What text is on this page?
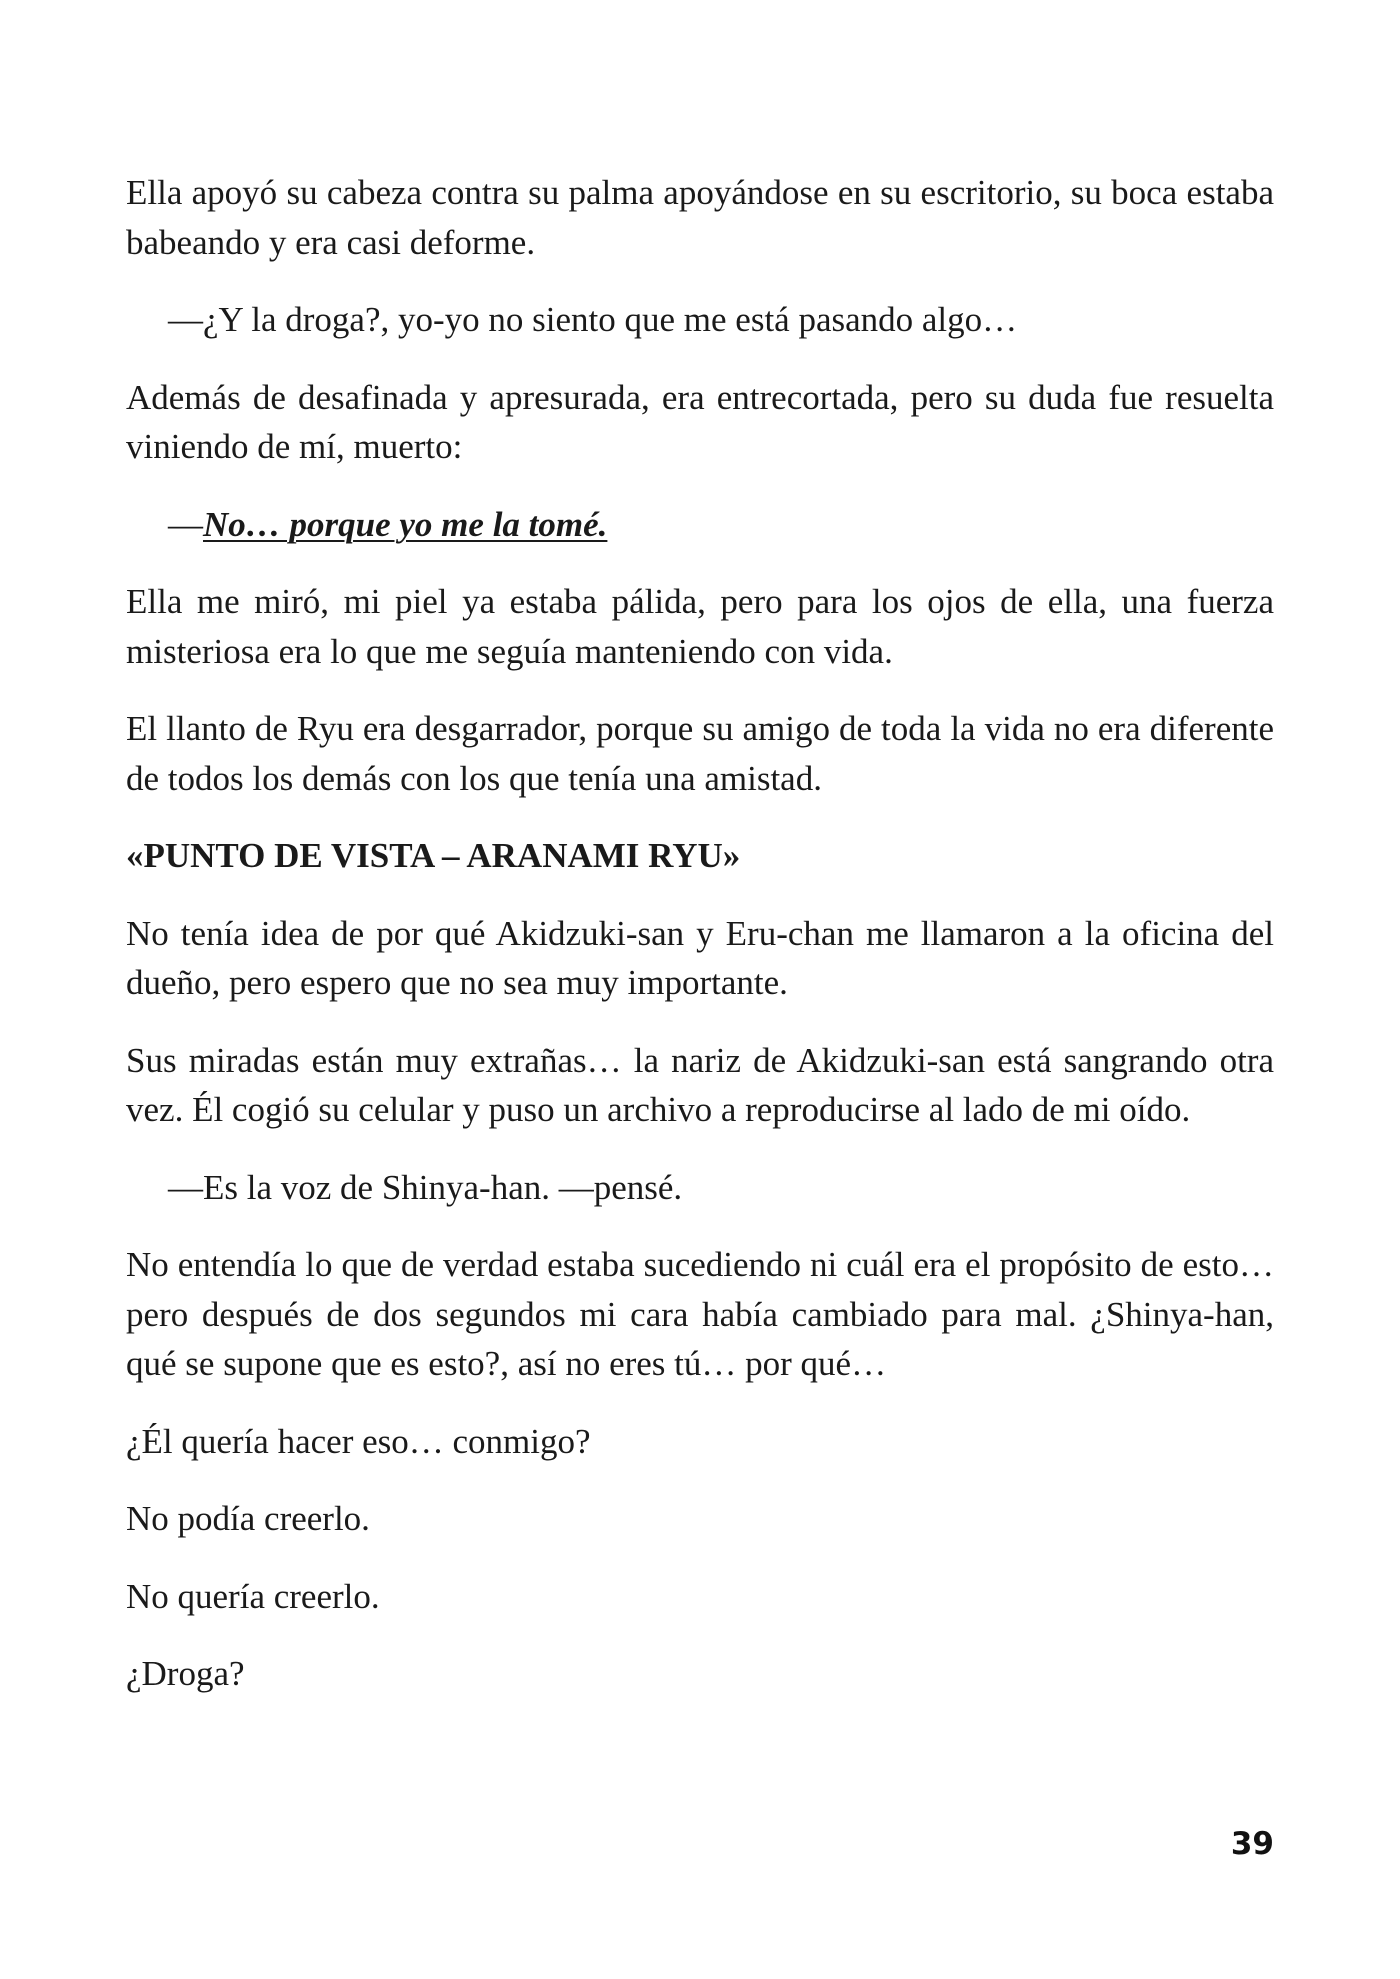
Ella apoyó su cabeza contra su palma apoyándose en su escritorio, su boca estaba babeando y era casi deforme.

—¿Y la droga?, yo-yo no siento que me está pasando algo…

Además de desafinada y apresurada, era entrecortada, pero su duda fue resuelta viniendo de mí, muerto:

—No… porque yo me la tomé.

Ella me miró, mi piel ya estaba pálida, pero para los ojos de ella, una fuerza misteriosa era lo que me seguía manteniendo con vida.

El llanto de Ryu era desgarrador, porque su amigo de toda la vida no era diferente de todos los demás con los que tenía una amistad.

«PUNTO DE VISTA – ARANAMI RYU»

No tenía idea de por qué Akidzuki-san y Eru-chan me llamaron a la oficina del dueño, pero espero que no sea muy importante.

Sus miradas están muy extrañas… la nariz de Akidzuki-san está sangrando otra vez. Él cogió su celular y puso un archivo a reproducirse al lado de mi oído.

—Es la voz de Shinya-han. —pensé.

No entendía lo que de verdad estaba sucediendo ni cuál era el propósito de esto… pero después de dos segundos mi cara había cambiado para mal. ¿Shinya-han, qué se supone que es esto?, así no eres tú… por qué…

¿Él quería hacer eso… conmigo?

No podía creerlo.

No quería creerlo.

¿Droga?

39
